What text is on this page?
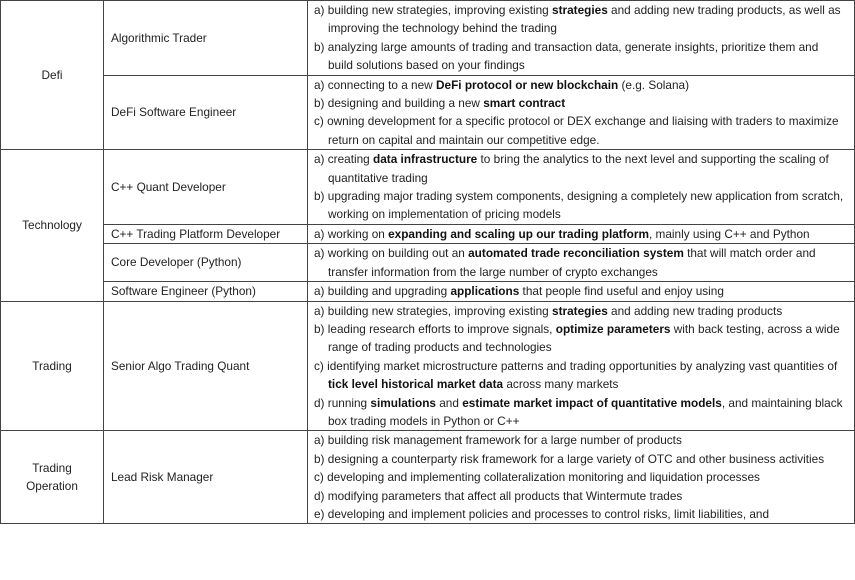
Defi	Algorithmic Trader	a) building new strategies, improving existing strategies and adding new trading products, as well as improving the technology behind the trading
b) analyzing large amounts of trading and transaction data, generate insights, prioritize them and build solutions based on your findings

	DeFi Software Engineer	a) connecting to a new DeFi protocol or new blockchain (e.g. Solana)
b) designing and building a new smart contract
c) owning development for a specific protocol or DEX exchange and liaising with traders to maximize return on capital and maintain our competitive edge.

Technology	C++ Quant Developer	a) creating data infrastructure to bring the analytics to the next level and supporting the scaling of quantitative trading
b) upgrading major trading system components, designing a completely new application from scratch, working on implementation of pricing models

	C++ Trading Platform Developer	a) working on expanding and scaling up our trading platform, mainly using C++ and Python

	Core Developer (Python)	a) working on building out an automated trade reconciliation system that will match order and transfer information from the large number of crypto exchanges

	Software Engineer (Python)	a) building and upgrading applications that people find useful and enjoy using

Trading	Senior Algo Trading Quant	a) building new strategies, improving existing strategies and adding new trading products
b) leading research efforts to improve signals, optimize parameters with back testing, across a wide range of trading products and technologies
c) identifying market microstructure patterns and trading opportunities by analyzing vast quantities of tick level historical market data across many markets
d) running simulations and estimate market impact of quantitative models, and maintaining black box trading models in Python or C++

Trading Operation	Lead Risk Manager	a) building risk management framework for a large number of products
b) designing a counterparty risk framework for a large variety of OTC and other business activities
c) developing and implementing collateralization monitoring and liquidation processes
d) modifying parameters that affect all products that Wintermute trades
e) developing and implement policies and processes to control risks, limit liabilities, and
